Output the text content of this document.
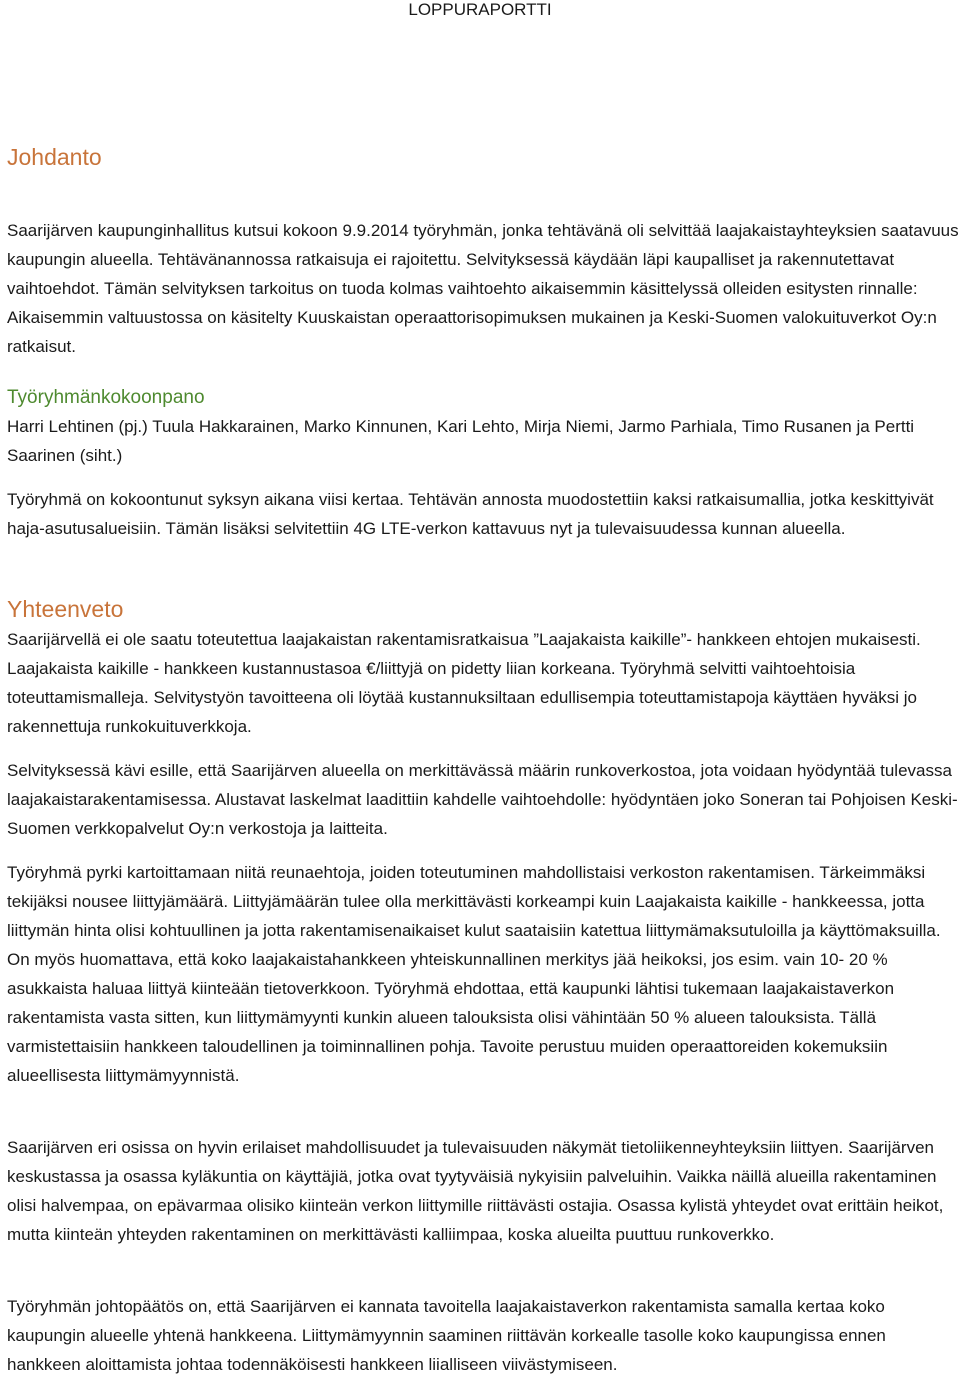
LOPPURAPORTTI
Johdanto

Saarijärven kaupunginhallitus kutsui kokoon 9.9.2014 työryhmän, jonka tehtävänä oli selvittää laajakaistayhteyksien saatavuus kaupungin alueella. Tehtävänannossa ratkaisuja ei rajoitettu. Selvityksessä käydään läpi kaupalliset ja rakennutettavat vaihtoehdot. Tämän selvityksen tarkoitus on tuoda kolmas vaihtoehto aikaisemmin käsittelyssä olleiden esitysten rinnalle: Aikaisemmin valtuustossa on käsitelty Kuuskaistan operaattorisopimuksen mukainen ja Keski-Suomen valokuituverkot Oy:n ratkaisut.

Työryhmänkokoonpano

Harri Lehtinen (pj.) Tuula Hakkarainen, Marko Kinnunen, Kari Lehto, Mirja Niemi, Jarmo Parhiala, Timo Rusanen ja Pertti Saarinen (siht.)

Työryhmä on kokoontunut syksyn aikana viisi kertaa. Tehtävän annosta muodostettiin kaksi ratkaisumallia, jotka keskittyivät haja-asutusalueisiin. Tämän lisäksi selvitettiin 4G LTE-verkon kattavuus nyt ja tulevaisuudessa kunnan alueella.

Yhteenveto

Saarijärvellä ei ole saatu toteutettua laajakaistan rakentamisratkaisua ”Laajakaista kaikille”- hankkeen ehtojen mukaisesti. Laajakaista kaikille - hankkeen kustannustasoa €/liittyjä on pidetty liian korkeana. Työryhmä selvitti vaihtoehtoisia toteuttamismalleja. Selvitystyön tavoitteena oli löytää kustannuksiltaan edullisempia toteuttamistapoja käyttäen hyväksi jo rakennettuja runkokuituverkkoja.

Selvityksessä kävi esille, että Saarijärven alueella on merkittävässä määrin runkoverkostoa, jota voidaan hyödyntää tulevassa laajakaistarakentamisessa. Alustavat laskelmat laadittiin kahdelle vaihtoehdolle: hyödyntäen joko Soneran tai Pohjoisen Keski-Suomen verkkopalvelut Oy:n verkostoja ja laitteita.

Työryhmä pyrki kartoittamaan niitä reunaehtoja, joiden toteutuminen mahdollistaisi verkoston rakentamisen. Tärkeimmäksi tekijäksi nousee liittyjämäärä. Liittyjämäärän tulee olla merkittävästi korkeampi kuin Laajakaista kaikille - hankkeessa, jotta liittymän hinta olisi kohtuullinen ja jotta rakentamisenaikaiset kulut saataisiin katettua liittymämaksutuloilla ja käyttömaksuilla. On myös huomattava, että koko laajakaistahankkeen yhteiskunnallinen merkitys jää heikoksi, jos esim. vain 10- 20 % asukkaista haluaa liittyä kiinteään tietoverkkoon. Työryhmä ehdottaa, että kaupunki lähtisi tukemaan laajakaistaverkon rakentamista vasta sitten, kun liittymämyynti kunkin alueen talouksista olisi vähintään 50 % alueen talouksista. Tällä varmistettaisiin hankkeen taloudellinen ja toiminnallinen pohja. Tavoite perustuu muiden operaattoreiden kokemuksiin alueellisesta liittymämyynnistä.

Saarijärven eri osissa on hyvin erilaiset mahdollisuudet ja tulevaisuuden näkymät tietoliikenneyhteyksiin liittyen. Saarijärven keskustassa ja osassa kyläkuntia on käyttäjiä, jotka ovat tyytyväisiä nykyisiin palveluihin. Vaikka näillä alueilla rakentaminen olisi halvempaa, on epävarmaa olisiko kiinteän verkon liittymille riittävästi ostajia. Osassa kylistä yhteydet ovat erittäin heikot, mutta kiinteän yhteyden rakentaminen on merkittävästi kalliimpaa, koska alueilta puuttuu runkoverkko.

Työryhmän johtopäätös on, että Saarijärven ei kannata tavoitella laajakaistaverkon rakentamista samalla kertaa koko kaupungin alueelle yhtenä hankkeena. Liittymämyynnin saaminen riittävän korkealle tasolle koko kaupungissa ennen hankkeen aloittamista johtaa todennäköisesti hankkeen liialliseen viivästymiseen.
